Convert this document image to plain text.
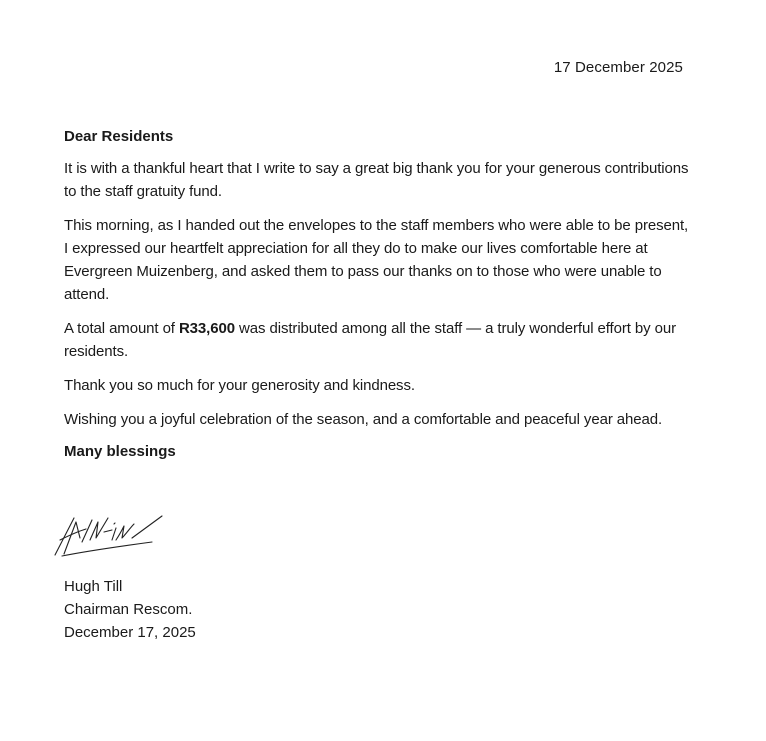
17 December 2025
Dear Residents

It is with a thankful heart that I write to say a great big thank you for your generous contributions to the staff gratuity fund.

This morning, as I handed out the envelopes to the staff members who were able to be present, I expressed our heartfelt appreciation for all they do to make our lives comfortable here at Evergreen Muizenberg, and asked them to pass our thanks on to those who were unable to attend.

A total amount of R33,600 was distributed among all the staff — a truly wonderful effort by our residents.

Thank you so much for your generosity and kindness.

Wishing you a joyful celebration of the season, and a comfortable and peaceful year ahead.

Many blessings
Hugh Till
Chairman Rescom.
December 17, 2025
